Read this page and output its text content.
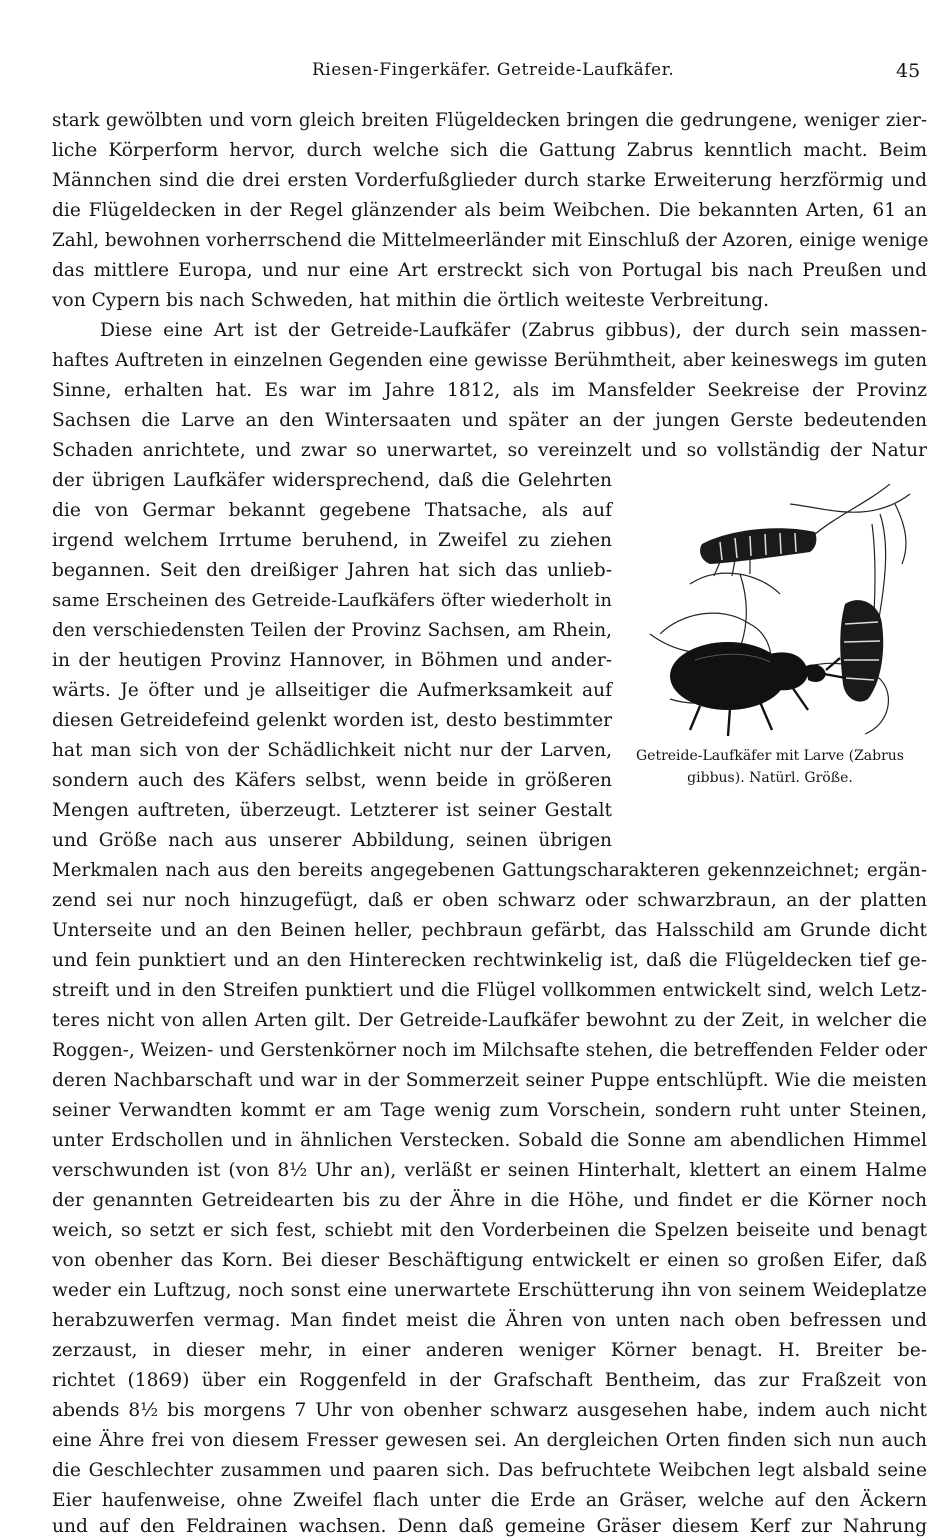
Riesen-Fingerkäfer. Getreide-Laufkäfer.	45
stark gewölbten und vorn gleich breiten Flügeldecken bringen die gedrungene, weniger zier-
liche Körperform hervor, durch welche sich die Gattung Zabrus kenntlich macht. Beim
Männchen sind die drei ersten Vorderfußglieder durch starke Erweiterung herzförmig und
die Flügeldecken in der Regel glänzender als beim Weibchen. Die bekannten Arten, 61 an
Zahl, bewohnen vorherrschend die Mittelmeerländer mit Einschluß der Azoren, einige wenige
das mittlere Europa, und nur eine Art erstreckt sich von Portugal bis nach Preußen und
von Cypern bis nach Schweden, hat mithin die örtlich weiteste Verbreitung.
Diese eine Art ist der Getreide-Laufkäfer (Zabrus gibbus), der durch sein massen-
haftes Auftreten in einzelnen Gegenden eine gewisse Berühmtheit, aber keineswegs im guten
Sinne, erhalten hat. Es war im Jahre 1812, als im Mansfelder Seekreise der Provinz
Sachsen die Larve an den Wintersaaten und später an der jungen Gerste bedeutenden
Schaden anrichtete, und zwar so unerwartet, so vereinzelt und so vollständig der Natur
der übrigen Laufkäfer widersprechend, daß die Gelehrten
die von Germar bekannt gegebene Thatsache, als auf
irgend welchem Irrtume beruhend, in Zweifel zu ziehen
begannen. Seit den dreißiger Jahren hat sich das unlieb-
same Erscheinen des Getreide-Laufkäfers öfter wiederholt in
den verschiedensten Teilen der Provinz Sachsen, am Rhein,
in der heutigen Provinz Hannover, in Böhmen und ander-
wärts. Je öfter und je allseitiger die Aufmerksamkeit auf
diesen Getreidefeind gelenkt worden ist, desto bestimmter
hat man sich von der Schädlichkeit nicht nur der Larven,
sondern auch des Käfers selbst, wenn beide in größeren
Mengen auftreten, überzeugt. Letzterer ist seiner Gestalt
und Größe nach aus unserer Abbildung, seinen übrigen
Merkmalen nach aus den bereits angegebenen Gattungscharakteren gekennzeichnet; ergän-
zend sei nur noch hinzugefügt, daß er oben schwarz oder schwarzbraun, an der platten
Unterseite und an den Beinen heller, pechbraun gefärbt, das Halsschild am Grunde dicht
und fein punktiert und an den Hinterecken rechtwinkelig ist, daß die Flügeldecken tief ge-
streift und in den Streifen punktiert und die Flügel vollkommen entwickelt sind, welch Letz-
teres nicht von allen Arten gilt. Der Getreide-Laufkäfer bewohnt zu der Zeit, in welcher die
Roggen-, Weizen- und Gerstenkörner noch im Milchsafte stehen, die betreffenden Felder oder
deren Nachbarschaft und war in der Sommerzeit seiner Puppe entschlüpft. Wie die meisten
seiner Verwandten kommt er am Tage wenig zum Vorschein, sondern ruht unter Steinen,
unter Erdschollen und in ähnlichen Verstecken. Sobald die Sonne am abendlichen Himmel
verschwunden ist (von 8½ Uhr an), verläßt er seinen Hinterhalt, klettert an einem Halme
der genannten Getreidearten bis zu der Ähre in die Höhe, und findet er die Körner noch
weich, so setzt er sich fest, schiebt mit den Vorderbeinen die Spelzen beiseite und benagt
von obenher das Korn. Bei dieser Beschäftigung entwickelt er einen so großen Eifer, daß
weder ein Luftzug, noch sonst eine unerwartete Erschütterung ihn von seinem Weideplatze
herabzuwerfen vermag. Man findet meist die Ähren von unten nach oben befressen und
zerzaust, in dieser mehr, in einer anderen weniger Körner benagt. H. Breiter be-
richtet (1869) über ein Roggenfeld in der Grafschaft Bentheim, das zur Fraßzeit von
abends 8½ bis morgens 7 Uhr von obenher schwarz ausgesehen habe, indem auch nicht
eine Ähre frei von diesem Fresser gewesen sei. An dergleichen Orten finden sich nun auch
die Geschlechter zusammen und paaren sich. Das befruchtete Weibchen legt alsbald seine
Eier haufenweise, ohne Zweifel flach unter die Erde an Gräser, welche auf den Äckern
und auf den Feldrainen wachsen. Denn daß gemeine Gräser diesem Kerf zur Nahrung
Getreide-Laufkäfer mit Larve (Zabrus
gibbus). Natürl. Größe.
